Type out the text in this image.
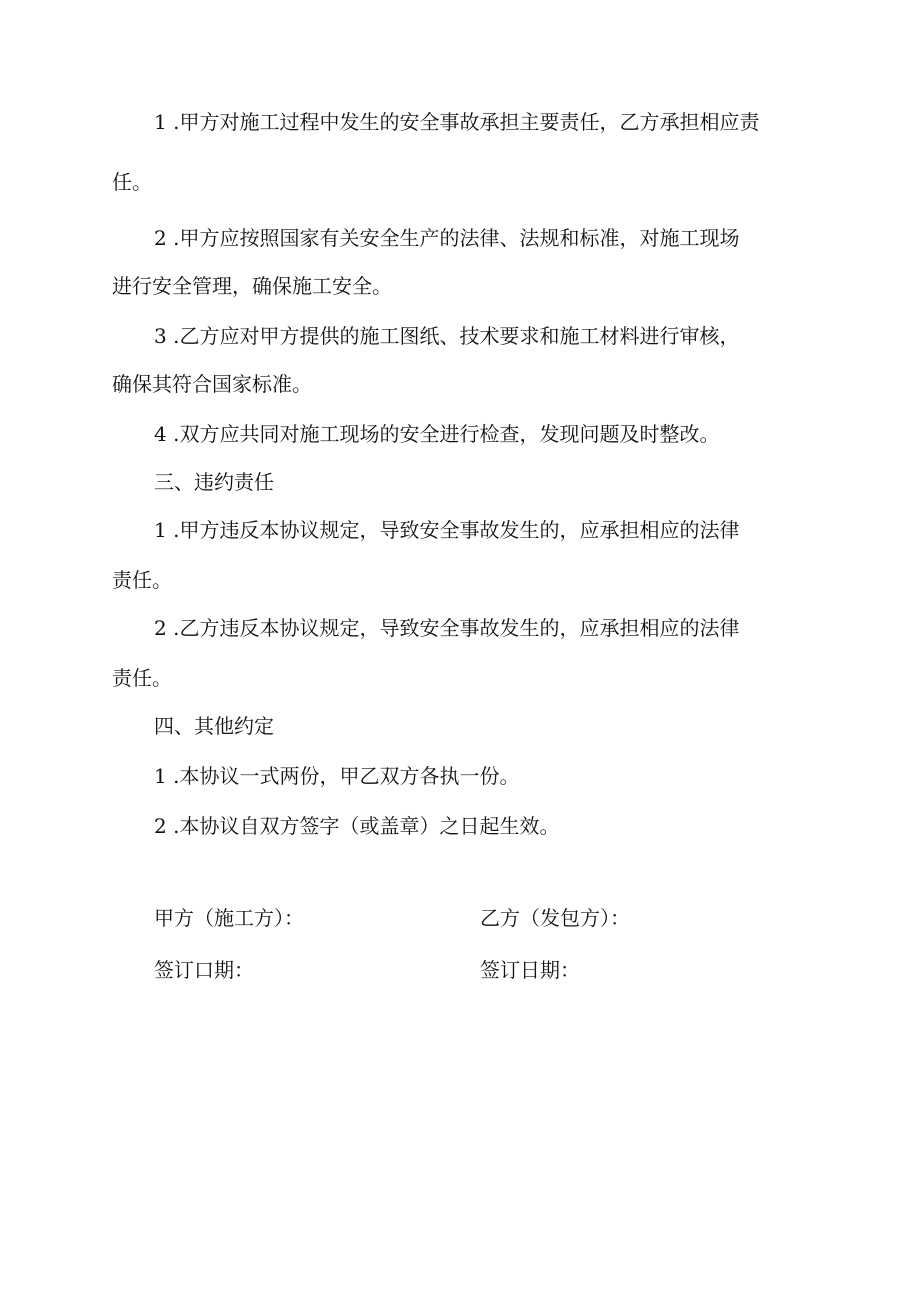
1 .甲方对施工过程中发生的安全事故承担主要责任，乙方承担相应责

任。

2 .甲方应按照国家有关安全生产的法律、法规和标准，对施工现场

进行安全管理，确保施工安全。

3 .乙方应对甲方提供的施工图纸、技术要求和施工材料进行审核，

确保其符合国家标准。

4 .双方应共同对施工现场的安全进行检查，发现问题及时整改。

三、违约责任

1 .甲方违反本协议规定，导致安全事故发生的，应承担相应的法律

责任。

2 .乙方违反本协议规定，导致安全事故发生的，应承担相应的法律

责任。

四、其他约定

1 .本协议一式两份，甲乙双方各执一份。

2 .本协议自双方签字（或盖章）之日起生效。

甲方（施工方）：	乙方（发包方）：

签订口期：	签订日期：
